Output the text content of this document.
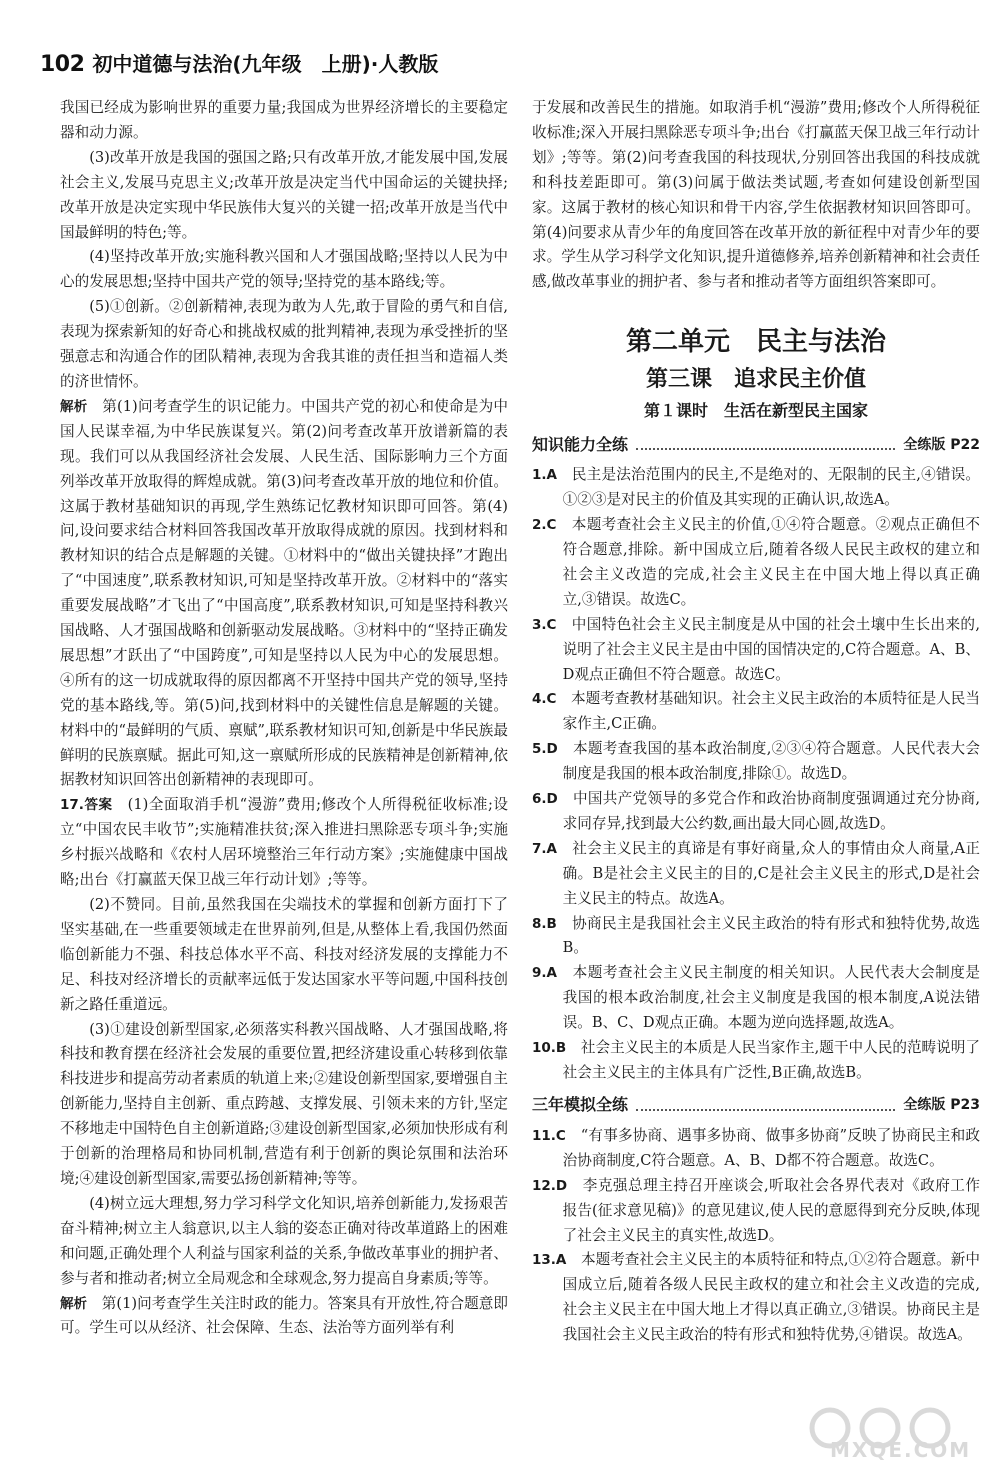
102 初中道德与法治(九年级　上册)·人教版

我国已经成为影响世界的重要力量;我国成为世界经济增长的主要稳定器和动力源。

(3)改革开放是我国的强国之路;只有改革开放,才能发展中国,发展社会主义,发展马克思主义;改革开放是决定当代中国命运的关键抉择;改革开放是决定实现中华民族伟大复兴的关键一招;改革开放是当代中国最鲜明的特色;等。

(4)坚持改革开放;实施科教兴国和人才强国战略;坚持以人民为中心的发展思想;坚持中国共产党的领导;坚持党的基本路线;等。

(5)①创新。②创新精神,表现为敢为人先,敢于冒险的勇气和自信,表现为探索新知的好奇心和挑战权威的批判精神,表现为承受挫折的坚强意志和沟通合作的团队精神,表现为舍我其谁的责任担当和造福人类的济世情怀。

解析　第(1)问考查学生的识记能力。中国共产党的初心和使命是为中国人民谋幸福,为中华民族谋复兴。第(2)问考查改革开放谱新篇的表现。我们可以从我国经济社会发展、人民生活、国际影响力三个方面列举改革开放取得的辉煌成就。第(3)问考查改革开放的地位和价值。这属于教材基础知识的再现,学生熟练记忆教材知识即可回答。第(4)问,设问要求结合材料回答我国改革开放取得成就的原因。找到材料和教材知识的结合点是解题的关键。①材料中的“做出关键抉择”才跑出了“中国速度”,联系教材知识,可知是坚持改革开放。②材料中的“落实重要发展战略”才飞出了“中国高度”,联系教材知识,可知是坚持科教兴国战略、人才强国战略和创新驱动发展战略。③材料中的“坚持正确发展思想”才跃出了“中国跨度”,可知是坚持以人民为中心的发展思想。④所有的这一切成就取得的原因都离不开坚持中国共产党的领导,坚持党的基本路线,等。第(5)问,找到材料中的关键性信息是解题的关键。材料中的“最鲜明的气质、禀赋”,联系教材知识可知,创新是中华民族最鲜明的民族禀赋。据此可知,这一禀赋所形成的民族精神是创新精神,依据教材知识回答出创新精神的表现即可。

17.答案　(1)全面取消手机“漫游”费用;修改个人所得税征收标准;设立“中国农民丰收节”;实施精准扶贫;深入推进扫黑除恶专项斗争;实施乡村振兴战略和《农村人居环境整治三年行动方案》;实施健康中国战略;出台《打赢蓝天保卫战三年行动计划》;等等。

(2)不赞同。目前,虽然我国在尖端技术的掌握和创新方面打下了坚实基础,在一些重要领域走在世界前列,但是,从整体上看,我国仍然面临创新能力不强、科技总体水平不高、科技对经济发展的支撑能力不足、科技对经济增长的贡献率远低于发达国家水平等问题,中国科技创新之路任重道远。

(3)①建设创新型国家,必须落实科教兴国战略、人才强国战略,将科技和教育摆在经济社会发展的重要位置,把经济建设重心转移到依靠科技进步和提高劳动者素质的轨道上来;②建设创新型国家,要增强自主创新能力,坚持自主创新、重点跨越、支撑发展、引领未来的方针,坚定不移地走中国特色自主创新道路;③建设创新型国家,必须加快形成有利于创新的治理格局和协同机制,营造有利于创新的舆论氛围和法治环境;④建设创新型国家,需要弘扬创新精神;等等。

(4)树立远大理想,努力学习科学文化知识,培养创新能力,发扬艰苦奋斗精神;树立主人翁意识,以主人翁的姿态正确对待改革道路上的困难和问题,正确处理个人利益与国家利益的关系,争做改革事业的拥护者、参与者和推动者;树立全局观念和全球观念,努力提高自身素质;等等。

解析　第(1)问考查学生关注时政的能力。答案具有开放性,符合题意即可。学生可以从经济、社会保障、生态、法治等方面列举有利

于发展和改善民生的措施。如取消手机“漫游”费用;修改个人所得税征收标准;深入开展扫黑除恶专项斗争;出台《打赢蓝天保卫战三年行动计划》;等等。第(2)问考查我国的科技现状,分别回答出我国的科技成就和科技差距即可。第(3)问属于做法类试题,考查如何建设创新型国家。这属于教材的核心知识和骨干内容,学生依据教材知识回答即可。第(4)问要求从青少年的角度回答在改革开放的新征程中对青少年的要求。学生从学习科学文化知识,提升道德修养,培养创新精神和社会责任感,做改革事业的拥护者、参与者和推动者等方面组织答案即可。

第二单元　民主与法治
第三课　追求民主价值
第１课时　生活在新型民主国家
知识能力全练	全练版 P22

1.A　民主是法治范围内的民主,不是绝对的、无限制的民主,④错误。①②③是对民主的价值及其实现的正确认识,故选A。

2.C　本题考查社会主义民主的价值,①④符合题意。②观点正确但不符合题意,排除。新中国成立后,随着各级人民民主政权的建立和社会主义改造的完成,社会主义民主在中国大地上得以真正确立,③错误。故选C。

3.C　中国特色社会主义民主制度是从中国的社会土壤中生长出来的,说明了社会主义民主是由中国的国情决定的,C符合题意。A、B、D观点正确但不符合题意。故选C。

4.C　本题考查教材基础知识。社会主义民主政治的本质特征是人民当家作主,C正确。

5.D　本题考查我国的基本政治制度,②③④符合题意。人民代表大会制度是我国的根本政治制度,排除①。故选D。

6.D　中国共产党领导的多党合作和政治协商制度强调通过充分协商,求同存异,找到最大公约数,画出最大同心圆,故选D。

7.A　社会主义民主的真谛是有事好商量,众人的事情由众人商量,A正确。B是社会主义民主的目的,C是社会主义民主的形式,D是社会主义民主的特点。故选A。

8.B　协商民主是我国社会主义民主政治的特有形式和独特优势,故选B。

9.A　本题考查社会主义民主制度的相关知识。人民代表大会制度是我国的根本政治制度,社会主义制度是我国的根本制度,A说法错误。B、C、D观点正确。本题为逆向选择题,故选A。

10.B　社会主义民主的本质是人民当家作主,题干中人民的范畴说明了社会主义民主的主体具有广泛性,B正确,故选B。

三年模拟全练	全练版 P23

11.C　“有事多协商、遇事多协商、做事多协商”反映了协商民主和政治协商制度,C符合题意。A、B、D都不符合题意。故选C。

12.D　李克强总理主持召开座谈会,听取社会各界代表对《政府工作报告(征求意见稿)》的意见建议,使人民的意愿得到充分反映,体现了社会主义民主的真实性,故选D。

13.A　本题考查社会主义民主的本质特征和特点,①②符合题意。新中国成立后,随着各级人民民主政权的建立和社会主义改造的完成,社会主义民主在中国大地上才得以真正确立,③错误。协商民主是我国社会主义民主政治的特有形式和独特优势,④错误。故选A。

MXQE.COM
